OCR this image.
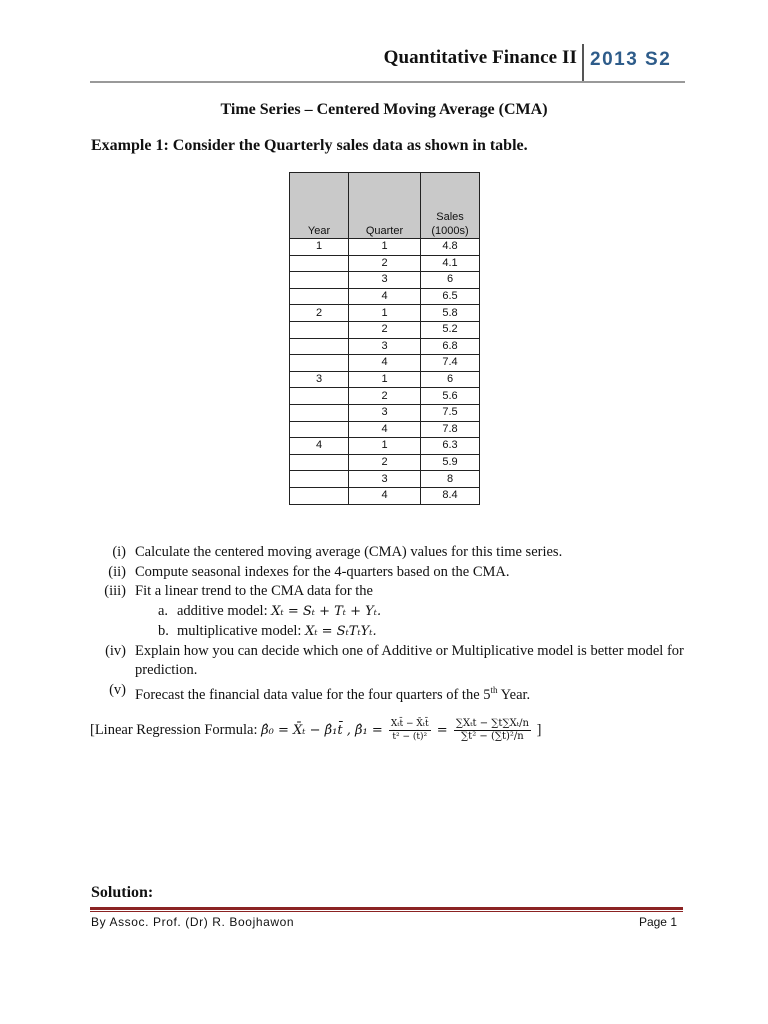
Quantitative Finance II 2013 S2
Time Series – Centered Moving Average (CMA)
Example 1: Consider the Quarterly sales data as shown in table.
Year	Quarter	Sales
(1000s)
1	1	4.8
	2	4.1
	3	6
	4	6.5
2	1	5.8
	2	5.2
	3	6.8
	4	7.4
3	1	6
	2	5.6
	3	7.5
	4	7.8
4	1	6.3
	2	5.9
	3	8
	4	8.4
(i) Calculate the centered moving average (CMA) values for this time series.
(ii) Compute seasonal indexes for the 4-quarters based on the CMA.
(iii) Fit a linear trend to the CMA data for the
a. additive model: Xₜ = Sₜ + Tₜ + Yₜ.
b. multiplicative model: Xₜ = SₜTₜYₜ.
(iv) Explain how you can decide which one of Additive or Multiplicative model is better model for prediction.
(v) Forecast the financial data value for the four quarters of the 5th Year.
[Linear Regression Formula: β̂₀ = X̄ₜ − β̂₁t̄ , β̂₁ = $\frac{\text{Xₜt̄ − X̄ₜt̄}}{\text{t̄² − (t̄)²}} = \frac{\text{∑Xₜt − ∑t∑Xₜ/n}}{\text{∑t² − (∑t)²/n}}$ ]
Solution:
By Assoc. Prof. (Dr) R. Boojhawon	Page 1
